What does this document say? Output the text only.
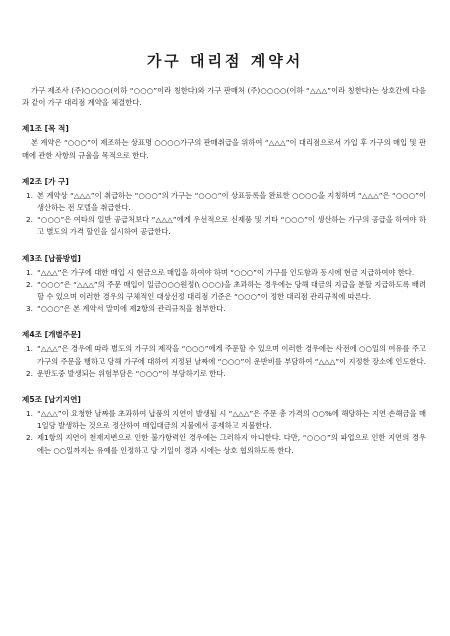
가구 대리점 계약서

가구 제조사 (주)○○○○(이하 “○○○”이라 칭한다)와 가구 판매처 (주)○○○○(이하 “△△△”이라 칭한다)는 상호간에 다음과 같이 가구 대리점 계약을 체결한다.

제1조 [목 적]

본 계약은 “○○○”이 제조하는 상표명 ○○○○가구의 판매취급을 위하여 “△△△”이 대리점으로서 가입 후 가구의 매입 및 판매에 관한 사항의 규율을 목적으로 한다.

제2조 [가 구]
1. 본 계약상 “△△△”이 취급하는 “○○○”의 가구는 “○○○”이 상표등록을 완료한 ○○○○을 지칭하며 “△△△”은 “○○○”이 생산하는 전 모델을 취급한다.
2. “○○○”은 여타의 일반 공급처보다 “△△△”에게 우선적으로 신제품 및 기타 “○○○”이 생산하는 가구의 공급을 하여야 하고 별도의 가격 할인을 실시하여 공급한다.
제3조 [납품방법]
1. “△△△”은 가구에 대한 매입 시 현금으로 매입을 하여야 하며 “○○○”이 가구를 인도함과 동시에 현금 지급하여야 한다.
2. “○○○”은 “△△△”의 주문 매입이 일금○○○원정(\ ○○○)을 초과하는 경우에는 당해 대금의 지급을 분할 지급하도록 배려할 수 있으며 이러한 경우의 구체적인 대상선정 대리점 기준은 “○○○”이 정한 대리점 관리규칙에 따른다.
3. “○○○”은 본 계약서 말미에 제2항의 관리규칙을 첨부한다.
제4조 [개별주문]
1. “△△△”은 경우에 따라 별도의 가구의 제작을 “○○○”에게 주문할 수 있으며 이러한 경우에는 사전에 ○○일의 여유를 주고 가구의 주문을 행하고 당해 가구에 대하여 지정된 날짜에 “○○○”이 운반비를 부담하여 “△△△”이 지정한 장소에 인도한다.
2. 운반도중 발생되는 위험부담은 “○○○”이 부담하기로 한다.
제5조 [납기지연]
1. “△△△”이 요청한 날짜를 초과하여 납품의 지연이 발생될 시 “△△△”은 주문 총 가격의 ○○%에 해당하는 지연 손해금을 매1일당 발생하는 것으로 정산하여 매입대금의 지불에서 공제하고 지불한다.
2. 제1항의 지연이 천재지변으로 인한 불가항력인 경우에는 그러하지 아니한다. 다만, “○○○”의 파업으로 인한 지연의 경우에는 ○○일까지는 유예를 인정하고 당 기일이 경과 시에는 상호 협의하도록 한다.
